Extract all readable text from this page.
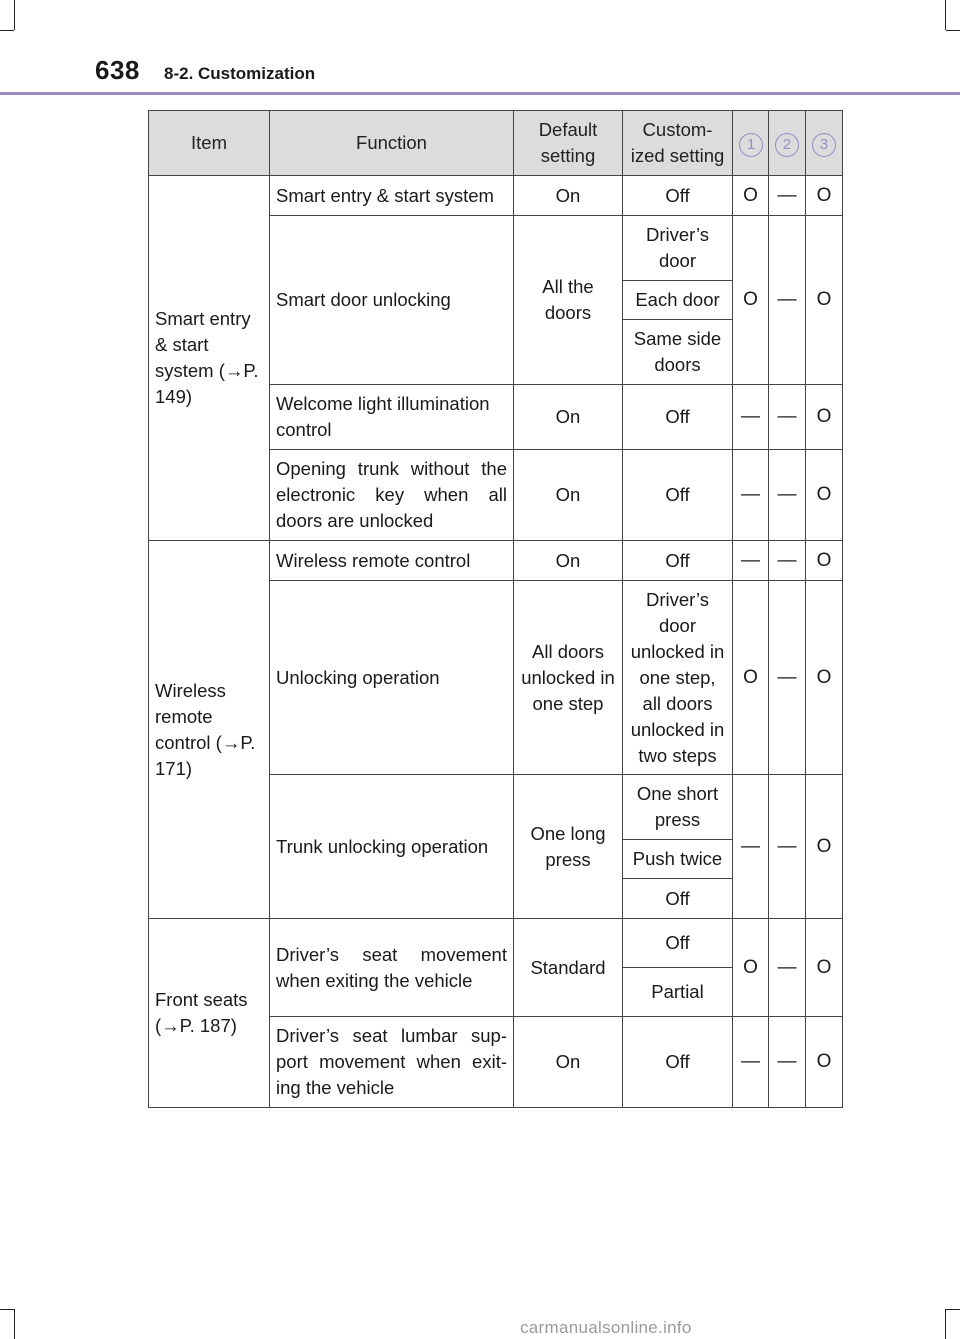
638 8-2. Customization
Item	Function	Default setting	Custom-ized setting	1	2	3
Smart entry & start system (→P. 149)	Smart entry & start system	On	Off	O	—	O
	Smart door unlocking	All the doors	Driver’s door	O	—	O
			Each door			
			Same side doors			
	Welcome light illumination control	On	Off	—	—	O
	Opening trunk without the electronic key when all doors are unlocked	On	Off	—	—	O
Wireless remote control (→P. 171)	Wireless remote control	On	Off	—	—	O
	Unlocking operation	All doors unlocked in one step	Driver’s door unlocked in one step, all doors unlocked in two steps	O	—	O
	Trunk unlocking operation	One long press	One short press	—	—	O
			Push twice			
			Off			
Front seats (→P. 187)	Driver’s seat movement when exiting the vehicle	Standard	Off	O	—	O
			Partial			
	Driver’s seat lumbar sup-port movement when exit-ing the vehicle	On	Off	—	—	O
carmanualsonline.info
